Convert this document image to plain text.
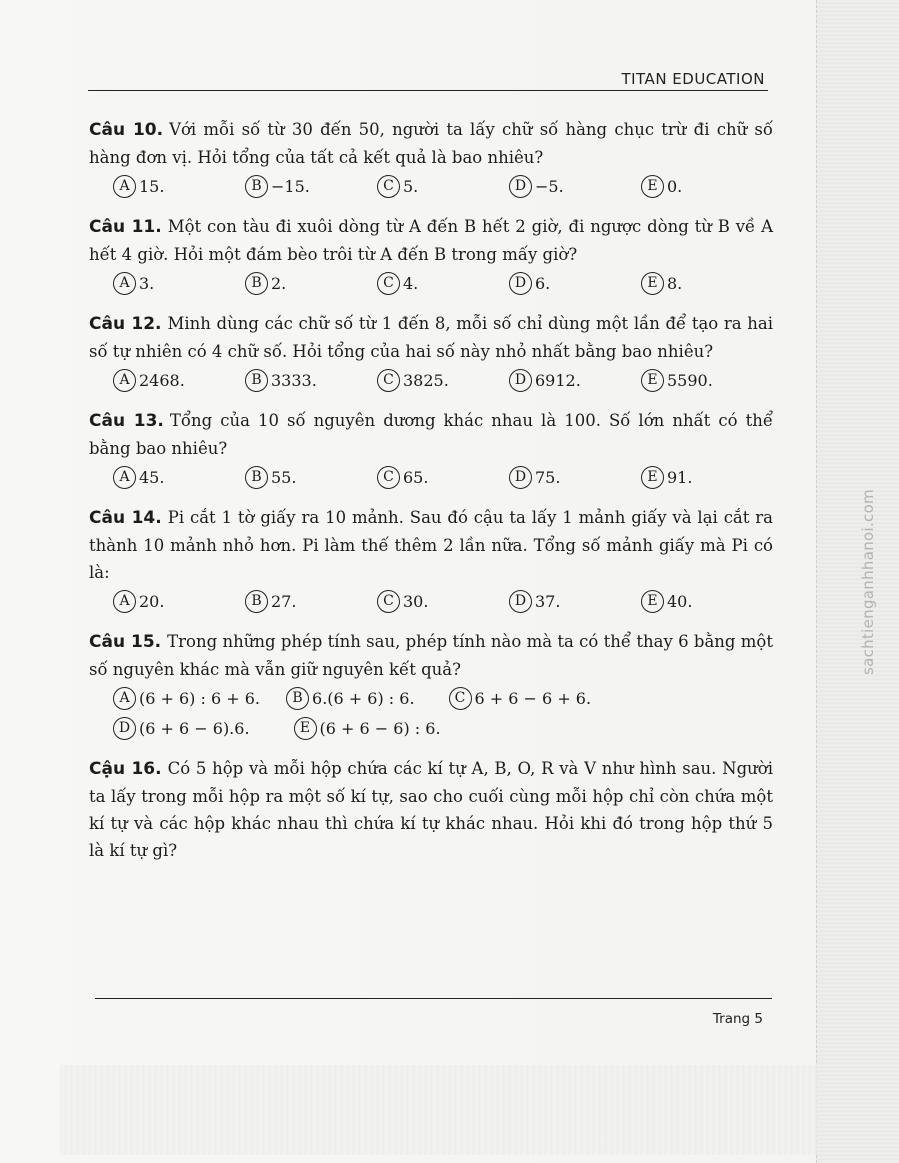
TITAN EDUCATION
sachtienganhhanoi.com

Câu 10. Với mỗi số từ 30 đến 50, người ta lấy chữ số hàng chục trừ đi chữ số hàng đơn vị. Hỏi tổng của tất cả kết quả là bao nhiêu?

A 15.	B −15.	C 5.	D −5.	E 0.

Câu 11. Một con tàu đi xuôi dòng từ A đến B hết 2 giờ, đi ngược dòng từ B về A hết 4 giờ. Hỏi một đám bèo trôi từ A đến B trong mấy giờ?

A 3.	B 2.	C 4.	D 6.	E 8.

Câu 12. Minh dùng các chữ số từ 1 đến 8, mỗi số chỉ dùng một lần để tạo ra hai số tự nhiên có 4 chữ số. Hỏi tổng của hai số này nhỏ nhất bằng bao nhiêu?

A 2468.	B 3333.	C 3825.	D 6912.	E 5590.

Câu 13. Tổng của 10 số nguyên dương khác nhau là 100. Số lớn nhất có thể bằng bao nhiêu?

A 45.	B 55.	C 65.	D 75.	E 91.

Câu 14. Pi cắt 1 tờ giấy ra 10 mảnh. Sau đó cậu ta lấy 1 mảnh giấy và lại cắt ra thành 10 mảnh nhỏ hơn. Pi làm thế thêm 2 lần nữa. Tổng số mảnh giấy mà Pi có là:

A 20.	B 27.	C 30.	D 37.	E 40.

Câu 15. Trong những phép tính sau, phép tính nào mà ta có thể thay 6 bằng một số nguyên khác mà vẫn giữ nguyên kết quả?

A (6 + 6) : 6 + 6.	B 6.(6 + 6) : 6.	C 6 + 6 − 6 + 6.
D (6 + 6 − 6).6.	E (6 + 6 − 6) : 6.

Cậu 16. Có 5 hộp và mỗi hộp chứa các kí tự A, B, O, R và V như hình sau. Người ta lấy trong mỗi hộp ra một số kí tự, sao cho cuối cùng mỗi hộp chỉ còn chứa một kí tự và các hộp khác nhau thì chứa kí tự khác nhau. Hỏi khi đó trong hộp thứ 5 là kí tự gì?

Trang 5
